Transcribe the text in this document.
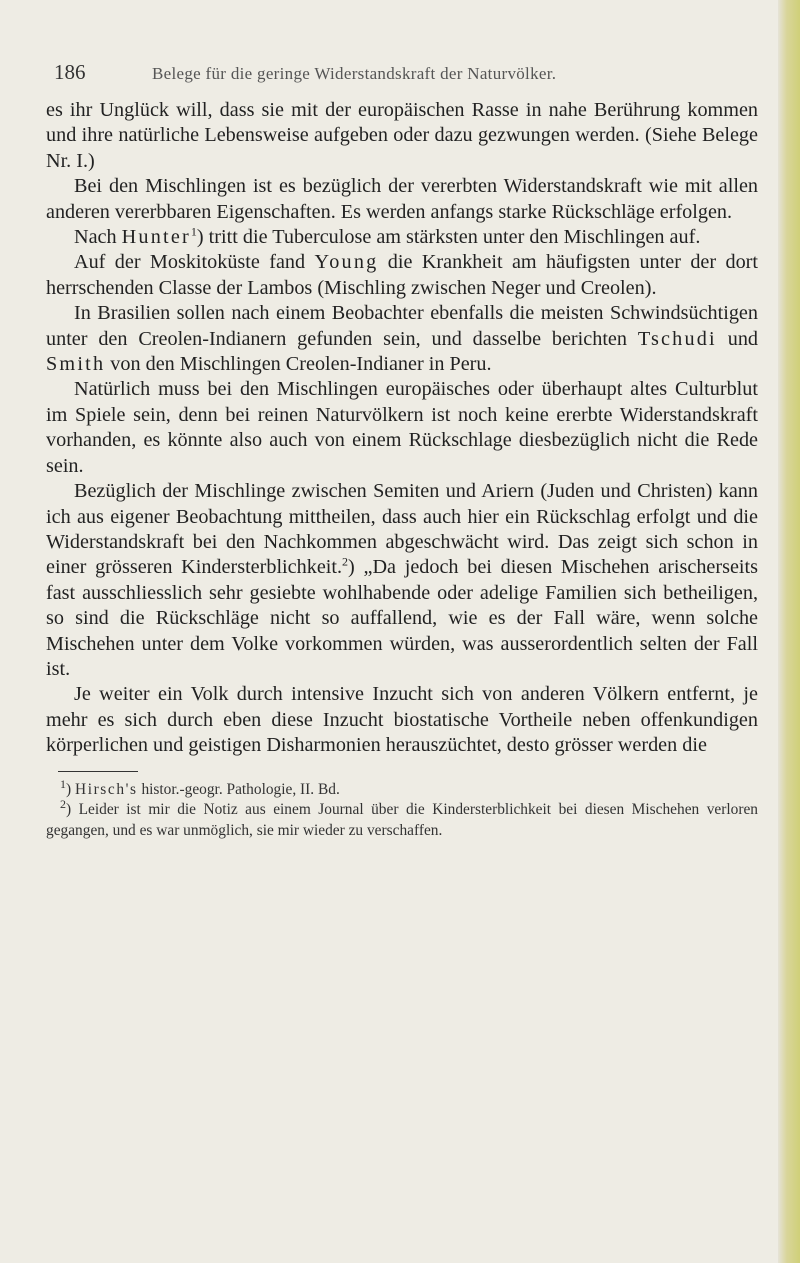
186	Belege für die geringe Widerstandskraft der Naturvölker.

es ihr Unglück will, dass sie mit der europäischen Rasse in nahe Berührung kommen und ihre natürliche Lebensweise aufgeben oder dazu gezwungen werden. (Siehe Belege Nr. I.)

Bei den Mischlingen ist es bezüglich der vererbten Widerstandskraft wie mit allen anderen vererbbaren Eigenschaften. Es werden anfangs starke Rückschläge erfolgen.

Nach Hunter$^1$) tritt die Tuberculose am stärksten unter den Mischlingen auf.

Auf der Moskitoküste fand Young die Krankheit am häufigsten unter der dort herrschenden Classe der Lambos (Mischling zwischen Neger und Creolen).

In Brasilien sollen nach einem Beobachter ebenfalls die meisten Schwindsüchtigen unter den Creolen-Indianern gefunden sein, und dasselbe berichten Tschudi und Smith von den Mischlingen Creolen-Indianer in Peru.

Natürlich muss bei den Mischlingen europäisches oder überhaupt altes Culturblut im Spiele sein, denn bei reinen Naturvölkern ist noch keine ererbte Widerstandskraft vorhanden, es könnte also auch von einem Rückschlage diesbezüglich nicht die Rede sein.

Bezüglich der Mischlinge zwischen Semiten und Ariern (Juden und Christen) kann ich aus eigener Beobachtung mittheilen, dass auch hier ein Rückschlag erfolgt und die Widerstandskraft bei den Nachkommen abgeschwächt wird. Das zeigt sich schon in einer grösseren Kindersterblichkeit.$^2$) „Da jedoch bei diesen Mischehen arischerseits fast ausschliesslich sehr gesiebte wohlhabende oder adelige Familien sich betheiligen, so sind die Rückschläge nicht so auffallend, wie es der Fall wäre, wenn solche Mischehen unter dem Volke vorkommen würden, was ausserordentlich selten der Fall ist.

Je weiter ein Volk durch intensive Inzucht sich von anderen Völkern entfernt, je mehr es sich durch eben diese Inzucht biostatische Vortheile neben offenkundigen körperlichen und geistigen Disharmonien herauszüchtet, desto grösser werden die

$^1$) Hirsch's histor.-geogr. Pathologie, II. Bd.

$^2$) Leider ist mir die Notiz aus einem Journal über die Kindersterblichkeit bei diesen Mischehen verloren gegangen, und es war unmöglich, sie mir wieder zu verschaffen.
